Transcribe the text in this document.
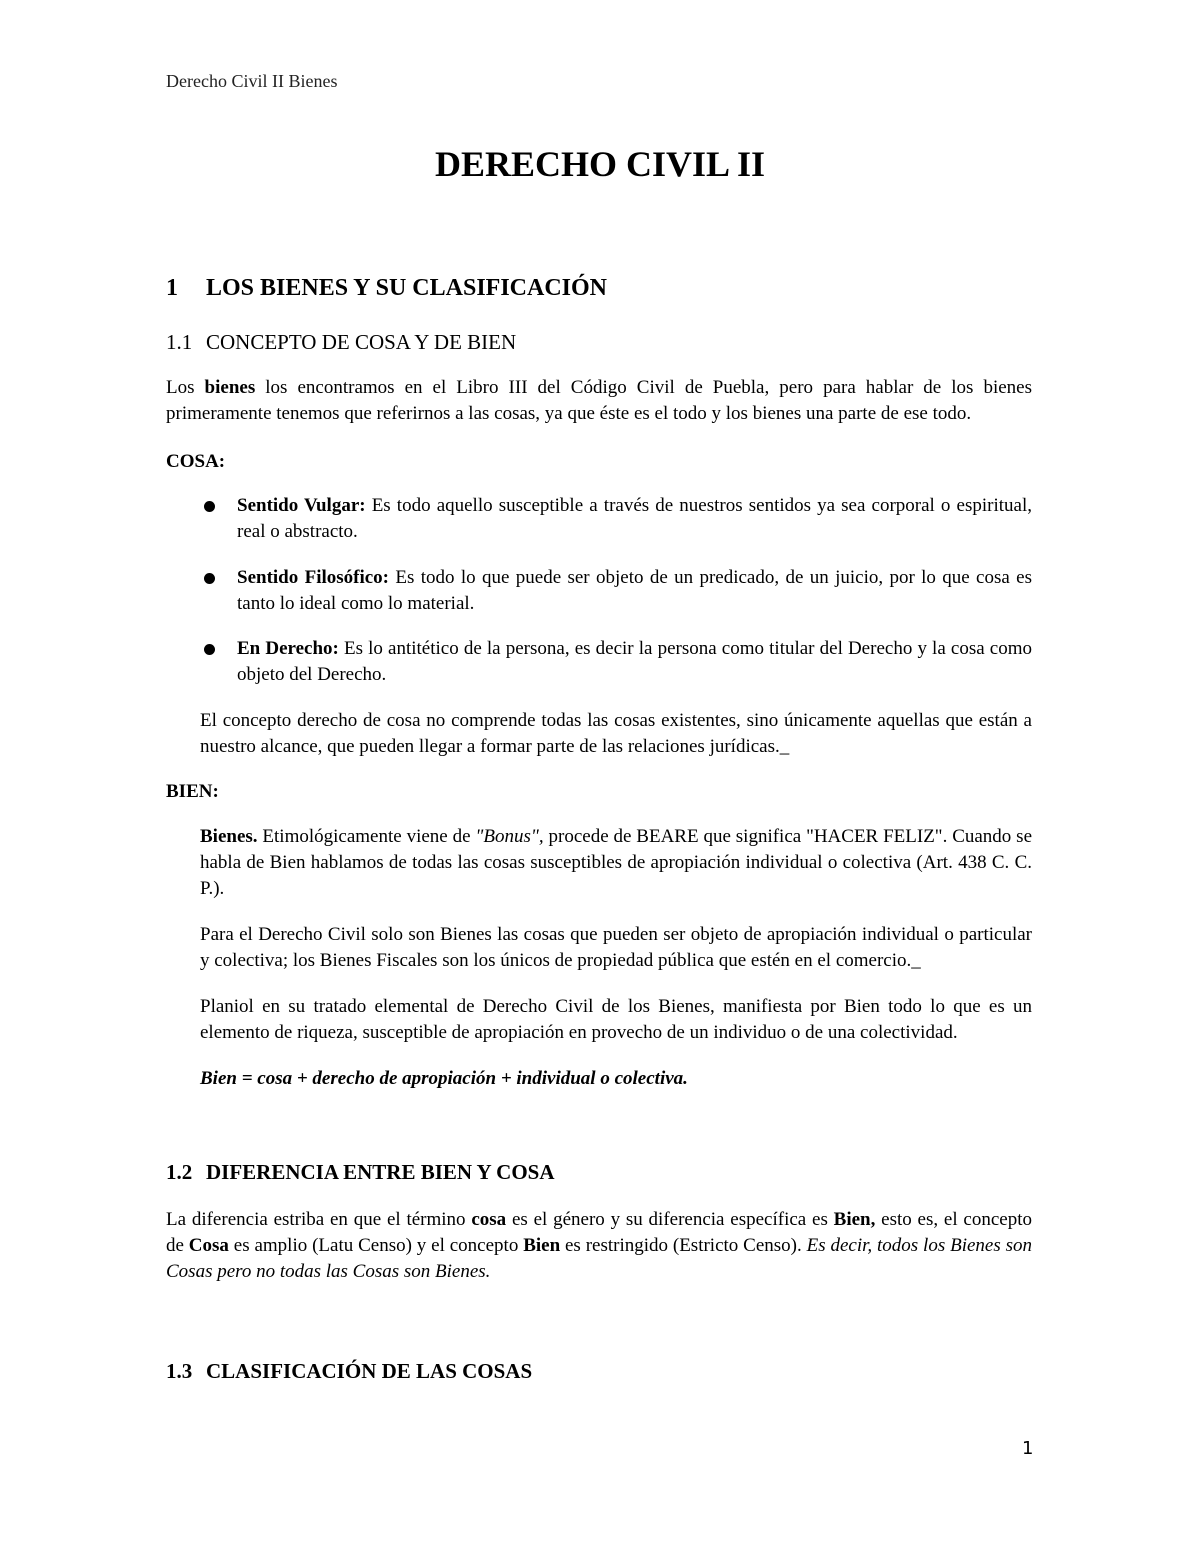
Derecho Civil II Bienes
DERECHO CIVIL II
1 LOS BIENES Y SU CLASIFICACIÓN
1.1 CONCEPTO DE COSA Y DE BIEN
Los bienes los encontramos en el Libro III del Código Civil de Puebla, pero para hablar de los bienes primeramente tenemos que referirnos a las cosas, ya que éste es el todo y los bienes una parte de ese todo.
COSA:
Sentido Vulgar: Es todo aquello susceptible a través de nuestros sentidos ya sea corporal o espiritual, real o abstracto.
Sentido Filosófico: Es todo lo que puede ser objeto de un predicado, de un juicio, por lo que cosa es tanto lo ideal como lo material.
En Derecho: Es lo antitético de la persona, es decir la persona como titular del Derecho y la cosa como objeto del Derecho.
El concepto derecho de cosa no comprende todas las cosas existentes, sino únicamente aquellas que están a nuestro alcance, que pueden llegar a formar parte de las relaciones jurídicas._
BIEN:
Bienes. Etimológicamente viene de "Bonus", procede de BEARE que significa "HACER FELIZ". Cuando se habla de Bien hablamos de todas las cosas susceptibles de apropiación individual o colectiva (Art. 438 C. C. P.).
Para el Derecho Civil solo son Bienes las cosas que pueden ser objeto de apropiación individual o particular y colectiva; los Bienes Fiscales son los únicos de propiedad pública que estén en el comercio._
Planiol en su tratado elemental de Derecho Civil de los Bienes, manifiesta por Bien todo lo que es un elemento de riqueza, susceptible de apropiación en provecho de un individuo o de una colectividad.
Bien = cosa + derecho de apropiación + individual o colectiva.
1.2 DIFERENCIA ENTRE BIEN Y COSA
La diferencia estriba en que el término cosa es el género y su diferencia específica es Bien, esto es, el concepto de Cosa es amplio (Latu Censo) y el concepto Bien es restringido (Estricto Censo). Es decir, todos los Bienes son Cosas pero no todas las Cosas son Bienes.
1.3 CLASIFICACIÓN DE LAS COSAS
1
